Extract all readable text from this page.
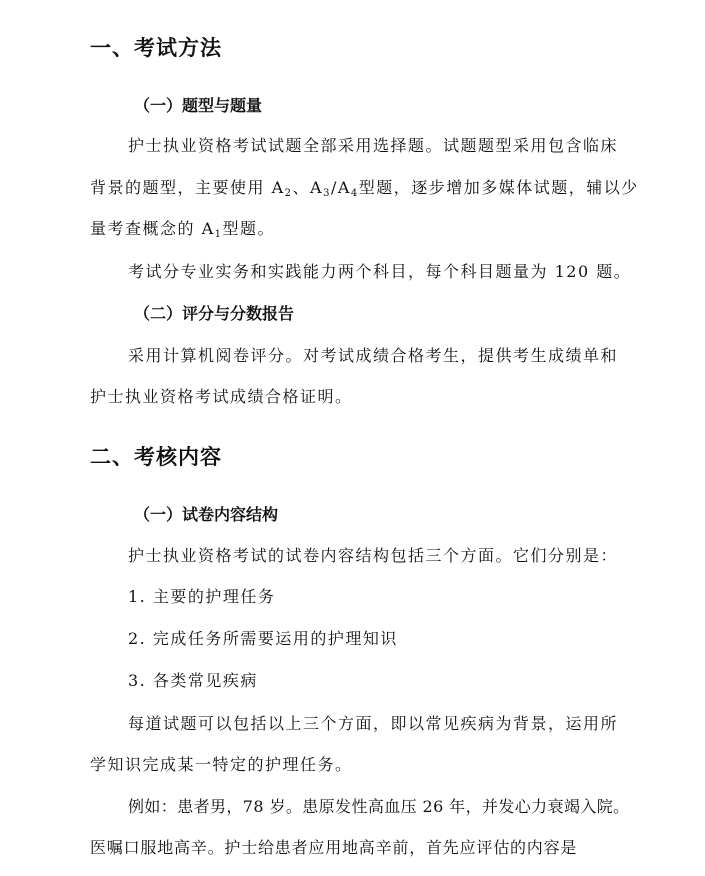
一、考试方法
（一）题型与题量
护士执业资格考试试题全部采用选择题。试题题型采用包含临床
背景的题型，主要使用 $A_2$、$A_3/A_4$型题，逐步增加多媒体试题，辅以少
量考查概念的 $A_1$型题。
考试分专业实务和实践能力两个科目，每个科目题量为 120 题。
（二）评分与分数报告
采用计算机阅卷评分。对考试成绩合格考生，提供考生成绩单和
护士执业资格考试成绩合格证明。
二、考核内容
（一）试卷内容结构
护士执业资格考试的试卷内容结构包括三个方面。它们分别是：
1. 主要的护理任务
2. 完成任务所需要运用的护理知识
3. 各类常见疾病
每道试题可以包括以上三个方面，即以常见疾病为背景，运用所
学知识完成某一特定的护理任务。
例如：患者男，78 岁。患原发性高血压 26 年，并发心力衰竭入院。
医嘱口服地高辛。护士给患者应用地高辛前，首先应评估的内容是
